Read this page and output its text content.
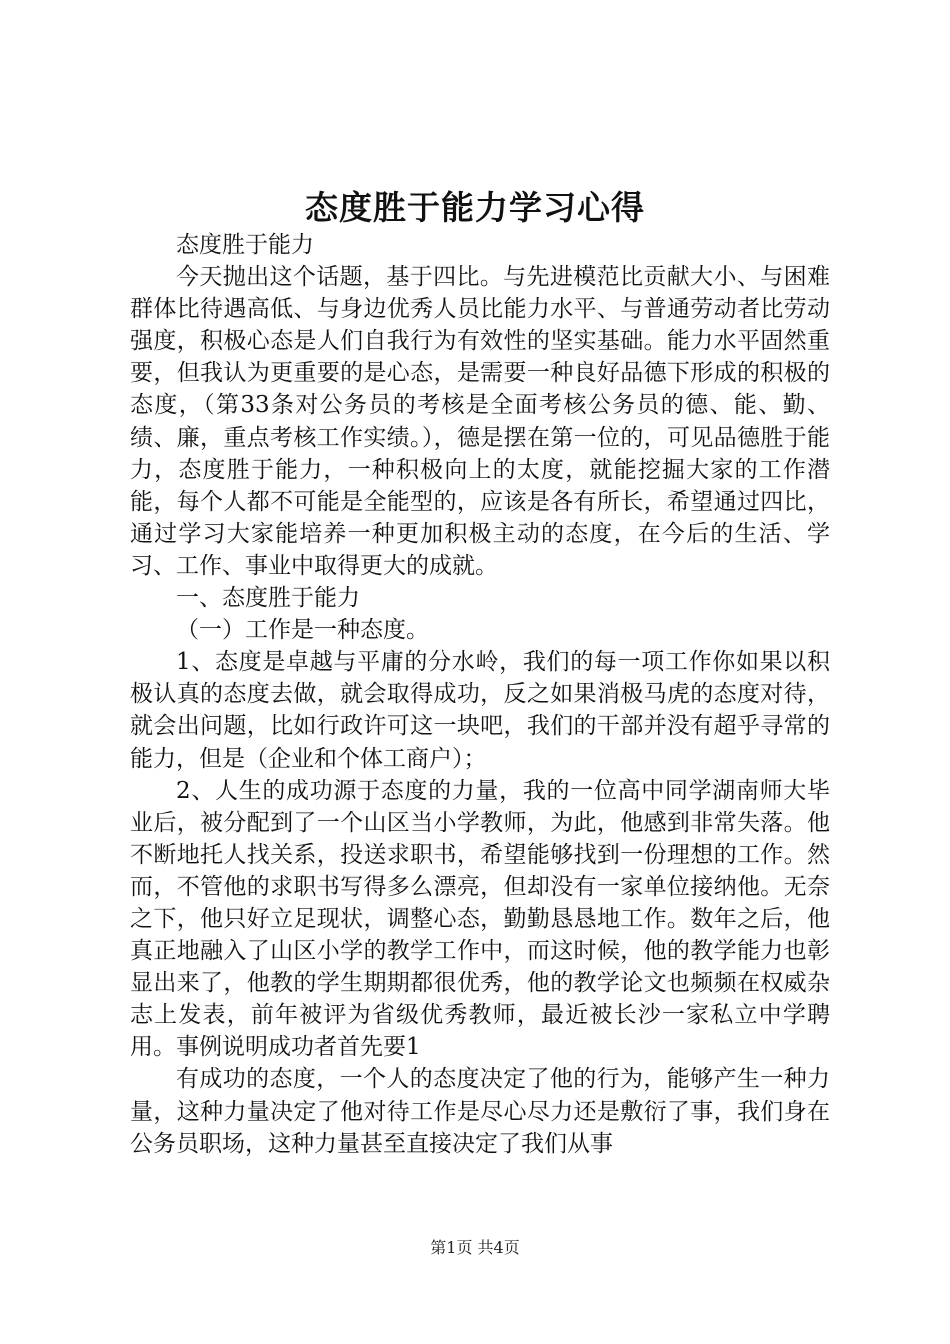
态度胜于能力学习心得

态度胜于能力

今天抛出这个话题，基于四比。与先进模范比贡献大小、与困难群体比待遇高低、与身边优秀人员比能力水平、与普通劳动者比劳动强度，积极心态是人们自我行为有效性的坚实基础。能力水平固然重要，但我认为更重要的是心态，是需要一种良好品德下形成的积极的态度，（第33条对公务员的考核是全面考核公务员的德、能、勤、绩、廉，重点考核工作实绩。），德是摆在第一位的，可见品德胜于能力，态度胜于能力，一种积极向上的太度，就能挖掘大家的工作潜能，每个人都不可能是全能型的，应该是各有所长，希望通过四比，通过学习大家能培养一种更加积极主动的态度，在今后的生活、学习、工作、事业中取得更大的成就。

一、态度胜于能力

（一）工作是一种态度。

1、态度是卓越与平庸的分水岭，我们的每一项工作你如果以积极认真的态度去做，就会取得成功，反之如果消极马虎的态度对待，就会出问题，比如行政许可这一块吧，我们的干部并没有超乎寻常的能力，但是（企业和个体工商户）；

2、人生的成功源于态度的力量，我的一位高中同学湖南师大毕业后，被分配到了一个山区当小学教师，为此，他感到非常失落。他不断地托人找关系，投送求职书，希望能够找到一份理想的工作。然而，不管他的求职书写得多么漂亮，但却没有一家单位接纳他。无奈之下，他只好立足现状，调整心态，勤勤恳恳地工作。数年之后，他真正地融入了山区小学的教学工作中，而这时候，他的教学能力也彰显出来了，他教的学生期期都很优秀，他的教学论文也频频在权威杂志上发表，前年被评为省级优秀教师，最近被长沙一家私立中学聘用。事例说明成功者首先要1

有成功的态度，一个人的态度决定了他的行为，能够产生一种力量，这种力量决定了他对待工作是尽心尽力还是敷衍了事，我们身在公务员职场，这种力量甚至直接决定了我们从事

第1页 共4页
